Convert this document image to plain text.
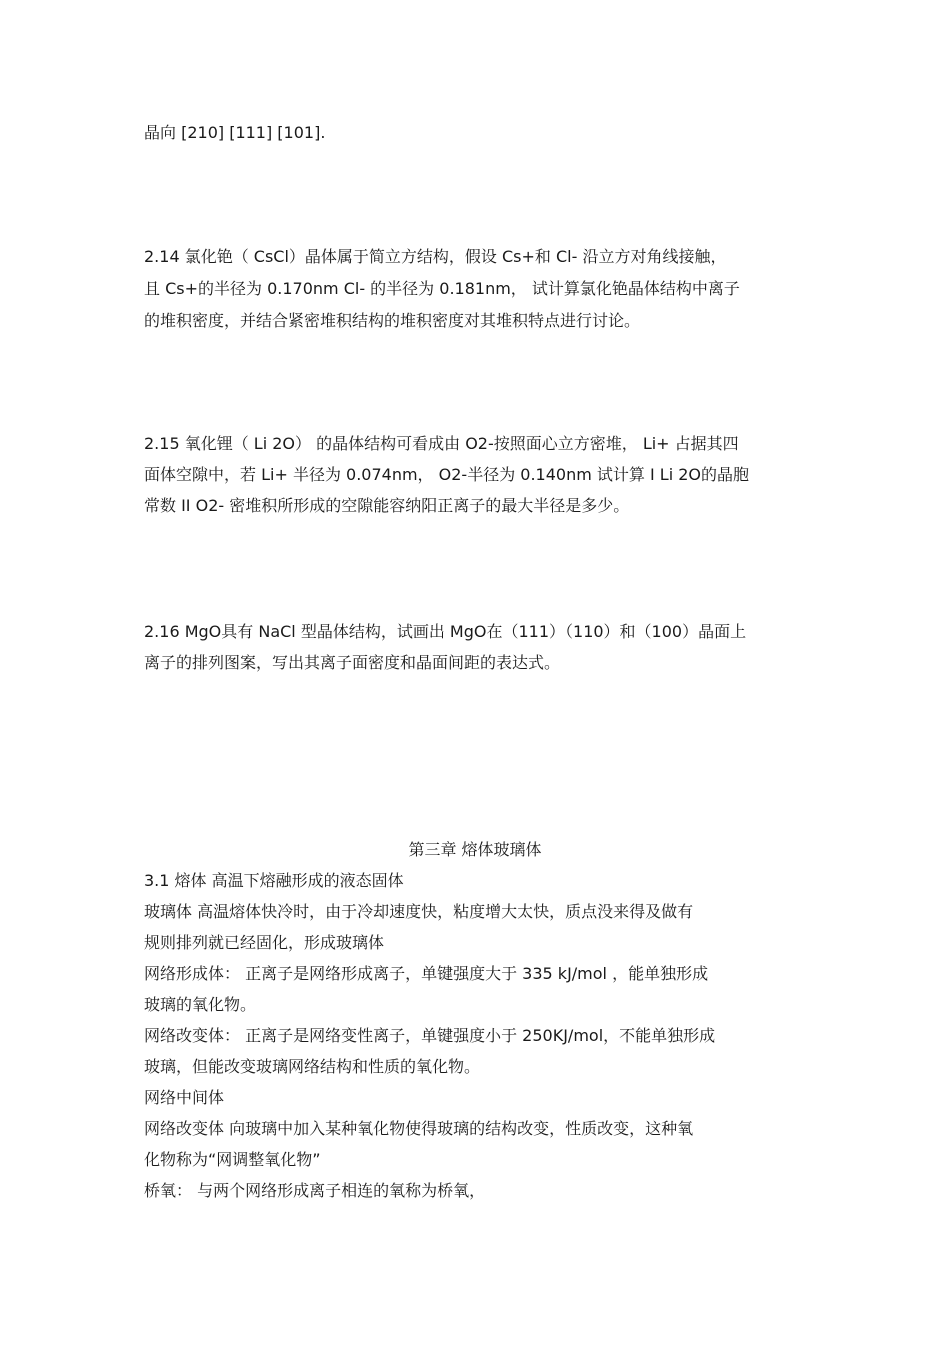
晶向 [210] [111] [101].
2.14 氯化铯（ CsCl）晶体属于简立方结构，假设 Cs+和 Cl- 沿立方对角线接触，
且 Cs+的半径为 0.170nm Cl- 的半径为 0.181nm， 试计算氯化铯晶体结构中离子
的堆积密度，并结合紧密堆积结构的堆积密度对其堆积特点进行讨论。
2.15 氧化锂（ Li 2O） 的晶体结构可看成由 O2-按照面心立方密堆， Li+ 占据其四
面体空隙中，若 Li+ 半径为 0.074nm， O2-半径为 0.140nm 试计算 I Li 2O的晶胞
常数 II O2- 密堆积所形成的空隙能容纳阳正离子的最大半径是多少。
2.16 MgO具有 NaCl 型晶体结构，试画出 MgO在（111）（110）和（100）晶面上
离子的排列图案，写出其离子面密度和晶面间距的表达式。
第三章 熔体玻璃体
3.1 熔体 高温下熔融形成的液态固体
玻璃体 高温熔体快冷时，由于冷却速度快，粘度增大太快，质点没来得及做有
规则排列就已经固化，形成玻璃体
网络形成体： 正离子是网络形成离子，单键强度大于 335 kJ/mol ，能单独形成
玻璃的氧化物。
网络改变体： 正离子是网络变性离子，单键强度小于 250KJ/mol，不能单独形成
玻璃，但能改变玻璃网络结构和性质的氧化物。
网络中间体
网络改变体 向玻璃中加入某种氧化物使得玻璃的结构改变，性质改变，这种氧
化物称为“网调整氧化物”
桥氧： 与两个网络形成离子相连的氧称为桥氧，
